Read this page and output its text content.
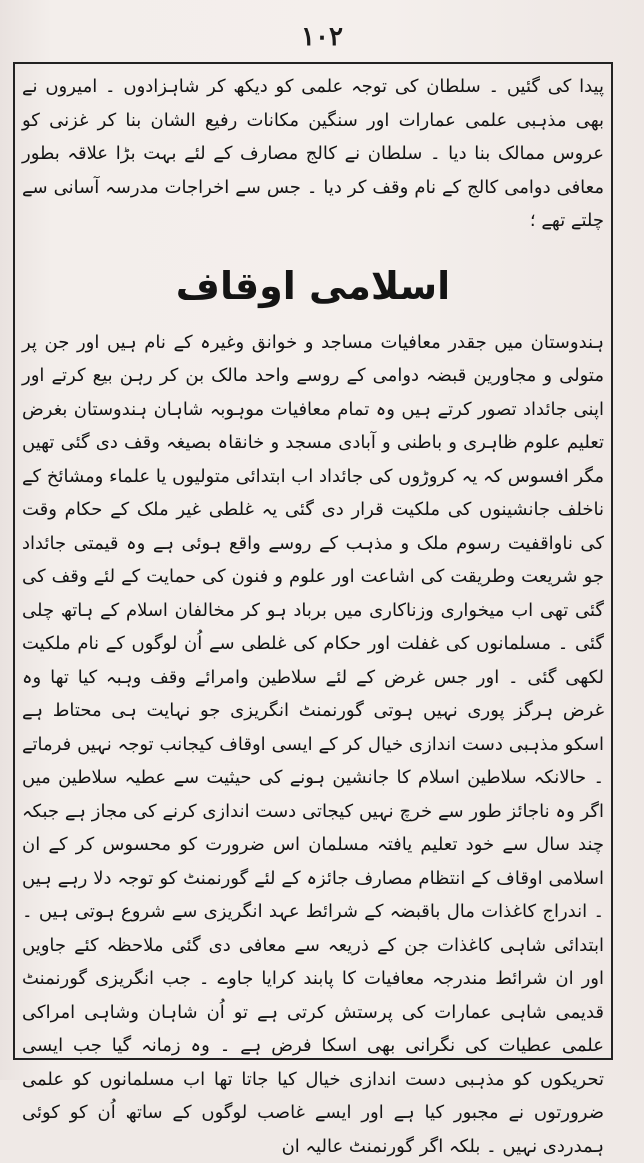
١٠٢

پیدا کی گئیں ۔ سلطان کی توجہ علمی کو دیکھ کر شاہزادوں ۔ امیروں نے بھی مذہبی علمی عمارات اور سنگین مکانات رفیع الشان بنا کر غزنی کو عروس ممالک بنا دیا ۔ سلطان نے کالج مصارف کے لئے بہت بڑا علاقہ بطور معافی دوامی کالج کے نام وقف کر دیا ۔ جس سے اخراجات مدرسہ آسانی سے چلتے تھے ؛

اسلامی اوقاف

ہندوستان میں جقدر معافیات مساجد و خوانق وغیرہ کے نام ہیں اور جن پر متولی و مجاورین قبضہ دوامی کے روسے واحد مالک بن کر رہن بیع کرتے اور اپنی جائداد تصور کرتے ہیں وہ تمام معافیات موہوبہ شاہان ہندوستان بغرض تعلیم علوم ظاہری و باطنی و آبادی مسجد و خانقاہ بصیغہ وقف دی گئی تھیں مگر افسوس کہ یہ کروڑوں کی جائداد اب ابتدائی متولیوں یا علماء ومشائخ کے ناخلف جانشینوں کی ملکیت قرار دی گئی یہ غلطی غیر ملک کے حکام وقت کی ناواقفیت رسوم ملک و مذہب کے روسے واقع ہوئی ہے وہ قیمتی جائداد جو شریعت وطریقت کی اشاعت اور علوم و فنون کی حمایت کے لئے وقف کی گئی تھی اب میخواری وزناکاری میں برباد ہو کر مخالفان اسلام کے ہاتھ چلی گئی ۔ مسلمانوں کی غفلت اور حکام کی غلطی سے اُن لوگوں کے نام ملکیت لکھی گئی ۔ اور جس غرض کے لئے سلاطین وامرائے وقف وہبہ کیا تھا وہ غرض ہرگز پوری نہیں ہوتی گورنمنٹ انگریزی جو نہایت ہی محتاط ہے اسکو مذہبی دست اندازی خیال کر کے ایسی اوقاف کیجانب توجہ نہیں فرماتے ۔ حالانکہ سلاطین اسلام کا جانشین ہونے کی حیثیت سے عطیہ سلاطین میں اگر وہ ناجائز طور سے خرچ نہیں کیجاتی دست اندازی کرنے کی مجاز ہے جبکہ چند سال سے خود تعلیم یافتہ مسلمان اس ضرورت کو محسوس کر کے ان اسلامی اوقاف کے انتظام مصارف جائزہ کے لئے گورنمنٹ کو توجہ دلا رہے ہیں ۔ اندراج کاغذات مال باقبضہ کے شرائط عہد انگریزی سے شروع ہوتی ہیں ۔ ابتدائی شاہی کاغذات جن کے ذریعہ سے معافی دی گئی ملاحظہ کئے جاویں اور ان شرائط مندرجہ معافیات کا پابند کرایا جاوے ۔ جب انگریزی گورنمنٹ قدیمی شاہی عمارات کی پرستش کرتی ہے تو اُن شاہان وشاہی امراکی علمی عطیات کی نگرانی بھی اسکا فرض ہے ۔ وہ زمانہ گیا جب ایسی تحریکوں کو مذہبی دست اندازی خیال کیا جاتا تھا اب مسلمانوں کو علمی ضرورتوں نے مجبور کیا ہے اور ایسے غاصب لوگوں کے ساتھ اُن کو کوئی ہمدردی نہیں ۔ بلکہ اگر گورنمنٹ عالیہ ان
